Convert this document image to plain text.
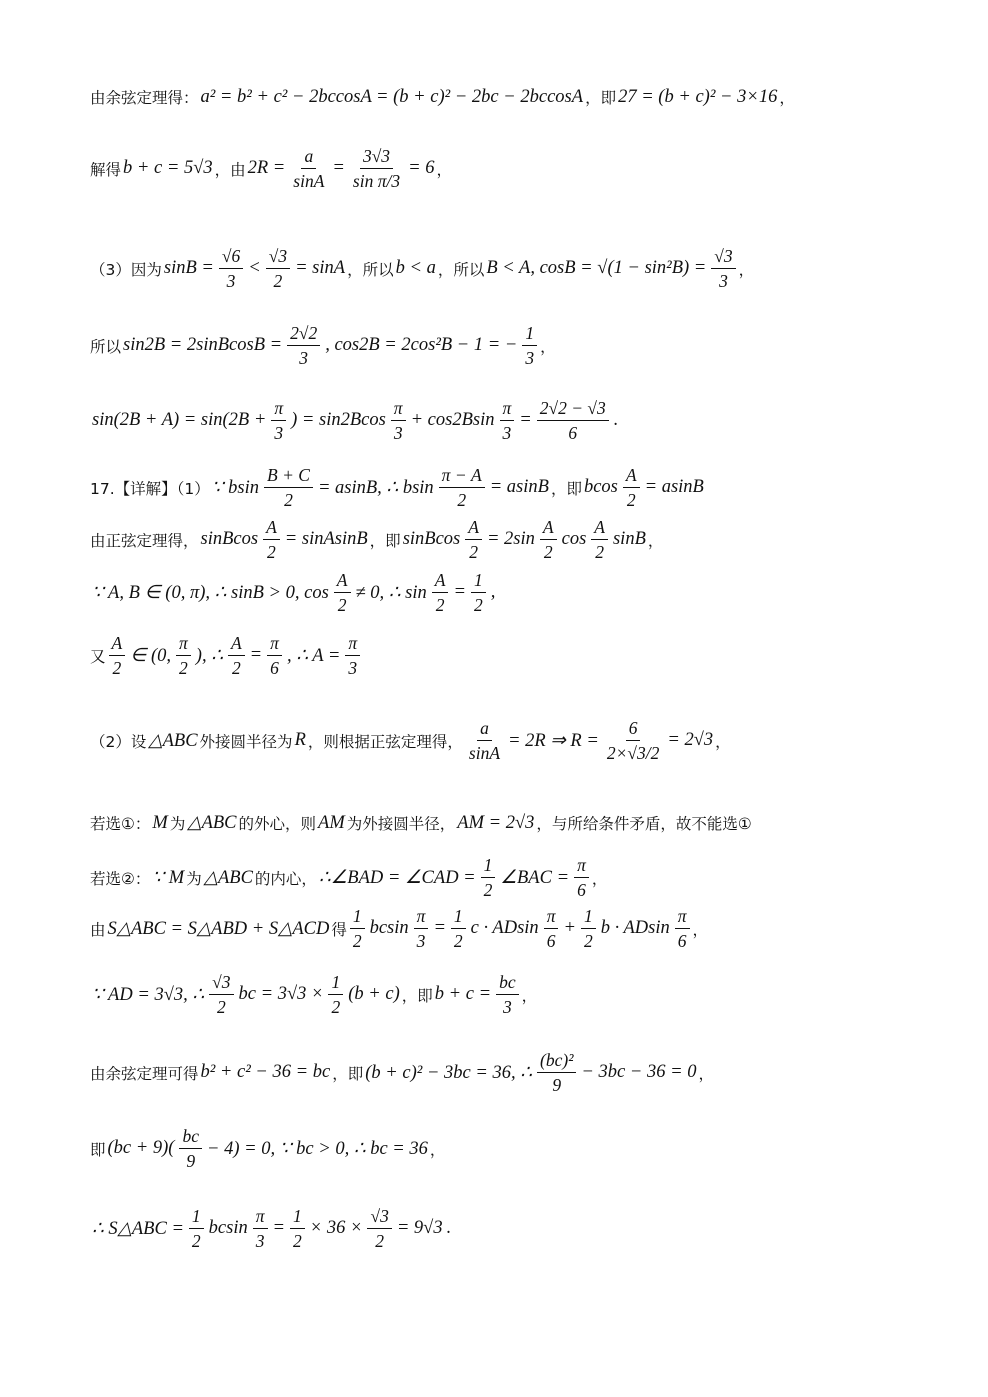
由余弦定理得： a² = b² + c² − 2bccosA = (b + c)² − 2bc − 2bccosA ，即 27 = (b + c)² − 3×16 ，
解得 b + c = 5√3 ，由 $2R = \frac{a}{\sin A} = \frac{3√3}{\text{sin π/3}} = 6$ ，
（3）因为 $\sin B = \frac{√6}{3} < \frac{√3}{2} = \sin A$ ，所以 b < a ，所以 B < A, $\cos B = √(1 - \sin^2B) = \frac{√3}{3}$ ，
所以 sin2B = 2sinBcosB = $\frac{2√2}{3}$ , cos2B = 2cos²B − 1 = − $\frac{1}{3}$ ，
$\sin(2B + A) = \sin(2B + \frac{\pi}{3}$ ) = $\sin 2Bcos \frac{\pi}{3} + \cos 2Bsin \frac{\pi}{3} = \frac{2√2 - √3}{6}$ .
17.【详解】（1） ∵ bsin $\frac{B + C}{2} = asinB$, ∴ bsin $\frac{\pi - A}{2} = asinB$ ，即 bcos $\frac{A}{2} = asinB$
由正弦定理得， sinBcos $\frac{A}{2}$ = sinAsinB ，即 sinBcos $\frac{A}{2} = 2\sin \frac{A}{2}$ $\cos \frac{A}{2}$ sinB ，
∵ A, B ∈ (0, π), ∴ sinB > 0, $\cos \frac{A}{2} \ne 0$, ∴ $\sin \frac{A}{2} = \frac{1}{2}$ ,
又 $\frac{A}{2}$ ∈ (0, $\frac{\pi}{2}$ ), ∴ $\frac{A}{2} = \frac{\pi}{6}$ , ∴ $A = \frac{\pi}{3}$
（2）设 △ABC 外接圆半径为 R ，则根据正弦定理得， $\frac{a}{\sin A} = 2R$ ⇒ $R = \frac{6}{2\times√3/2} = 2√3$ ，
若选①： M 为 △ABC 的外心，则 AM 为外接圆半径， AM = 2√3 ，与所给条件矛盾，故不能选①
若选②： ∵ M 为 △ABC 的内心， ∴∠BAD = ∠CAD = $\frac{1}{2}$ ∠BAC = $\frac{\pi}{6}$ ，
由 S△ABC = S△ABD + S△ACD 得 $\frac{1}{2}$ bcsin $\frac{\pi}{3} = \frac{1}{2}$ c · ADsin $\frac{\pi}{6} + \frac{1}{2}$ b · ADsin $\frac{\pi}{6}$ ，
∵ AD = 3√3, ∴ $\frac{√3}{2}$ bc = $3√3 \times \frac{1}{2} (b + c)$ ，即 $b + c = \frac{bc}{3}$ ，
由余弦定理可得 b² + c² − 36 = bc ，即 (b + c)² − 3bc = 36, ∴ $\frac{\text{(bc)²}}{9} - 3bc - 36 = 0$ ，
即 $(bc + 9)( \frac{bc}{9} - 4) = 0$, ∵ bc > 0, ∴ bc = 36 ，
∴ S△ABC = $\frac{1}{2}$ bcsin $\frac{\pi}{3} = \frac{1}{2} \times 36 \times \frac{√3}{2} = 9√3$ .
